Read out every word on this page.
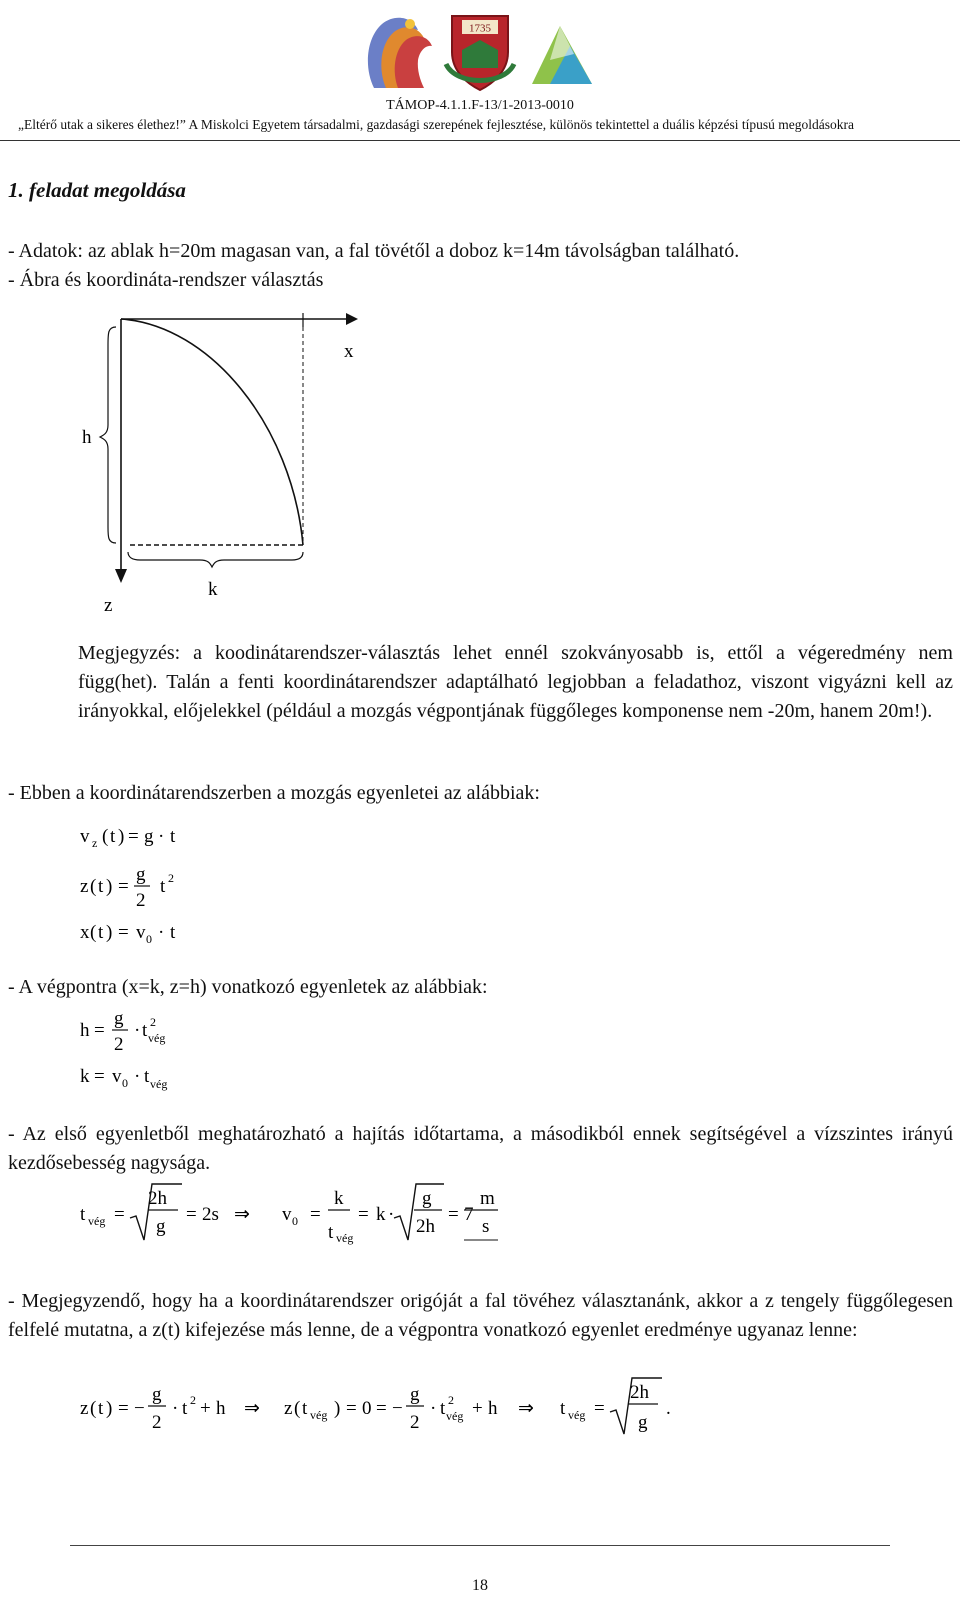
1735
TÁMOP-4.1.1.F-13/1-2013-0010
„Eltérő utak a sikeres élethez!” A Miskolci Egyetem társadalmi, gazdasági szerepének fejlesztése, különös tekintettel a duális képzési típusú megoldásokra
1. feladat megoldása
- Adatok: az ablak h=20m magasan van, a fal tövétől a doboz k=14m távolságban található.
- Ábra és koordináta-rendszer választás
x
h
z
k
Megjegyzés: a koodinátarendszer-választás lehet ennél szokványosabb is, ettől a végeredmény nem függ(het). Talán a fenti koordinátarendszer adaptálható legjobban a feladathoz, viszont vigyázni kell az irányokkal, előjelekkel (például a mozgás végpontjának függőleges komponense nem -20m, hanem 20m!).
- Ebben a koordinátarendszerben a mozgás egyenletei az alábbiak:
v z ( t ) = g · t
z ( t ) =
g
2
t 2
x ( t ) = v 0 · t
- A végpontra (x=k, z=h) vonatkozó egyenletek az alábbiak:
h =
g
2
· t 2
vég
k = v 0 · t vég
- Az első egyenletből meghatározható a hajítás időtartama, a másodikból ennek segítségével a vízszintes irányú kezdősebesség nagysága.
t vég =
2h
g
= 2s ⇒ v 0 =
k
t vég
= k ·
g
2h
= 7
m
s
- Megjegyzendő, hogy ha a koordinátarendszer origóját a fal tövéhez választanánk, akkor a z tengely függőlegesen felfelé mutatna, a z(t) kifejezése más lenne, de a végpontra vonatkozó egyenlet eredménye ugyanaz lenne:
z ( t ) = −
g
2
· t 2 + h ⇒ z ( t vég ) = 0 = −
g
2
· t 2
vég + h ⇒ t vég =
2h
g
.
18
